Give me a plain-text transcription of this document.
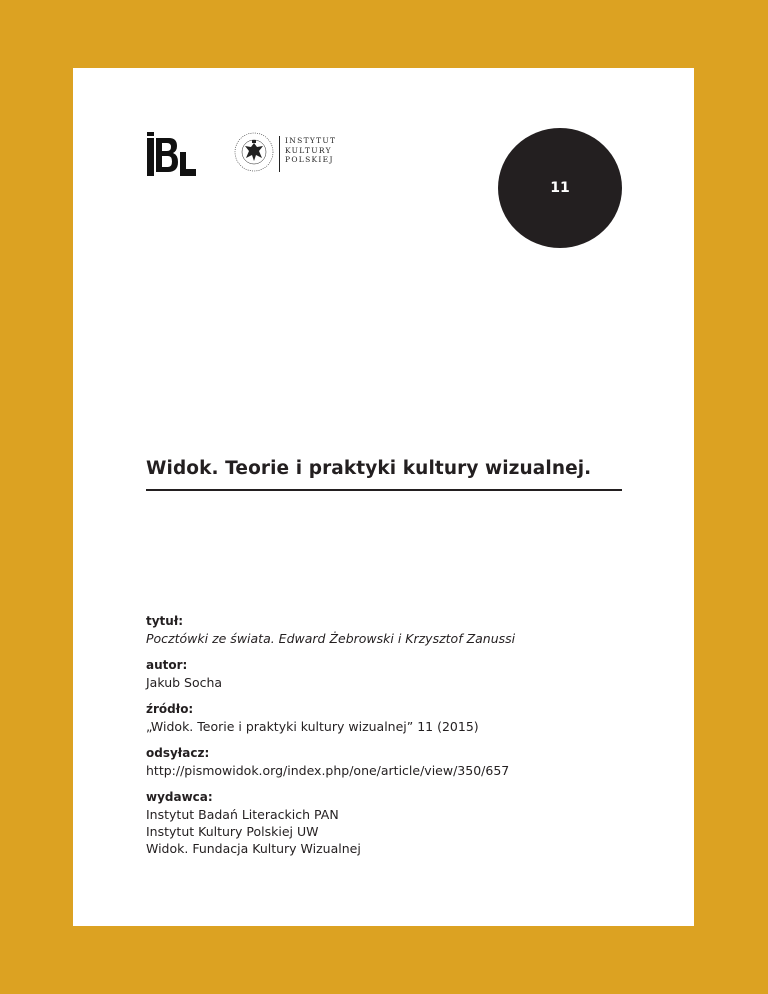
INSTYTUT
KULTURY
POLSKIEJ
11
Widok. Teorie i praktyki kultury wizualnej.
tytuł:
Pocztówki ze świata. Edward Żebrowski i Krzysztof Zanussi
autor:
Jakub Socha
źródło:
„Widok. Teorie i praktyki kultury wizualnej” 11 (2015)
odsyłacz:
http://pismowidok.org/index.php/one/article/view/350/657
wydawca:
Instytut Badań Literackich PAN
Instytut Kultury Polskiej UW
Widok. Fundacja Kultury Wizualnej
